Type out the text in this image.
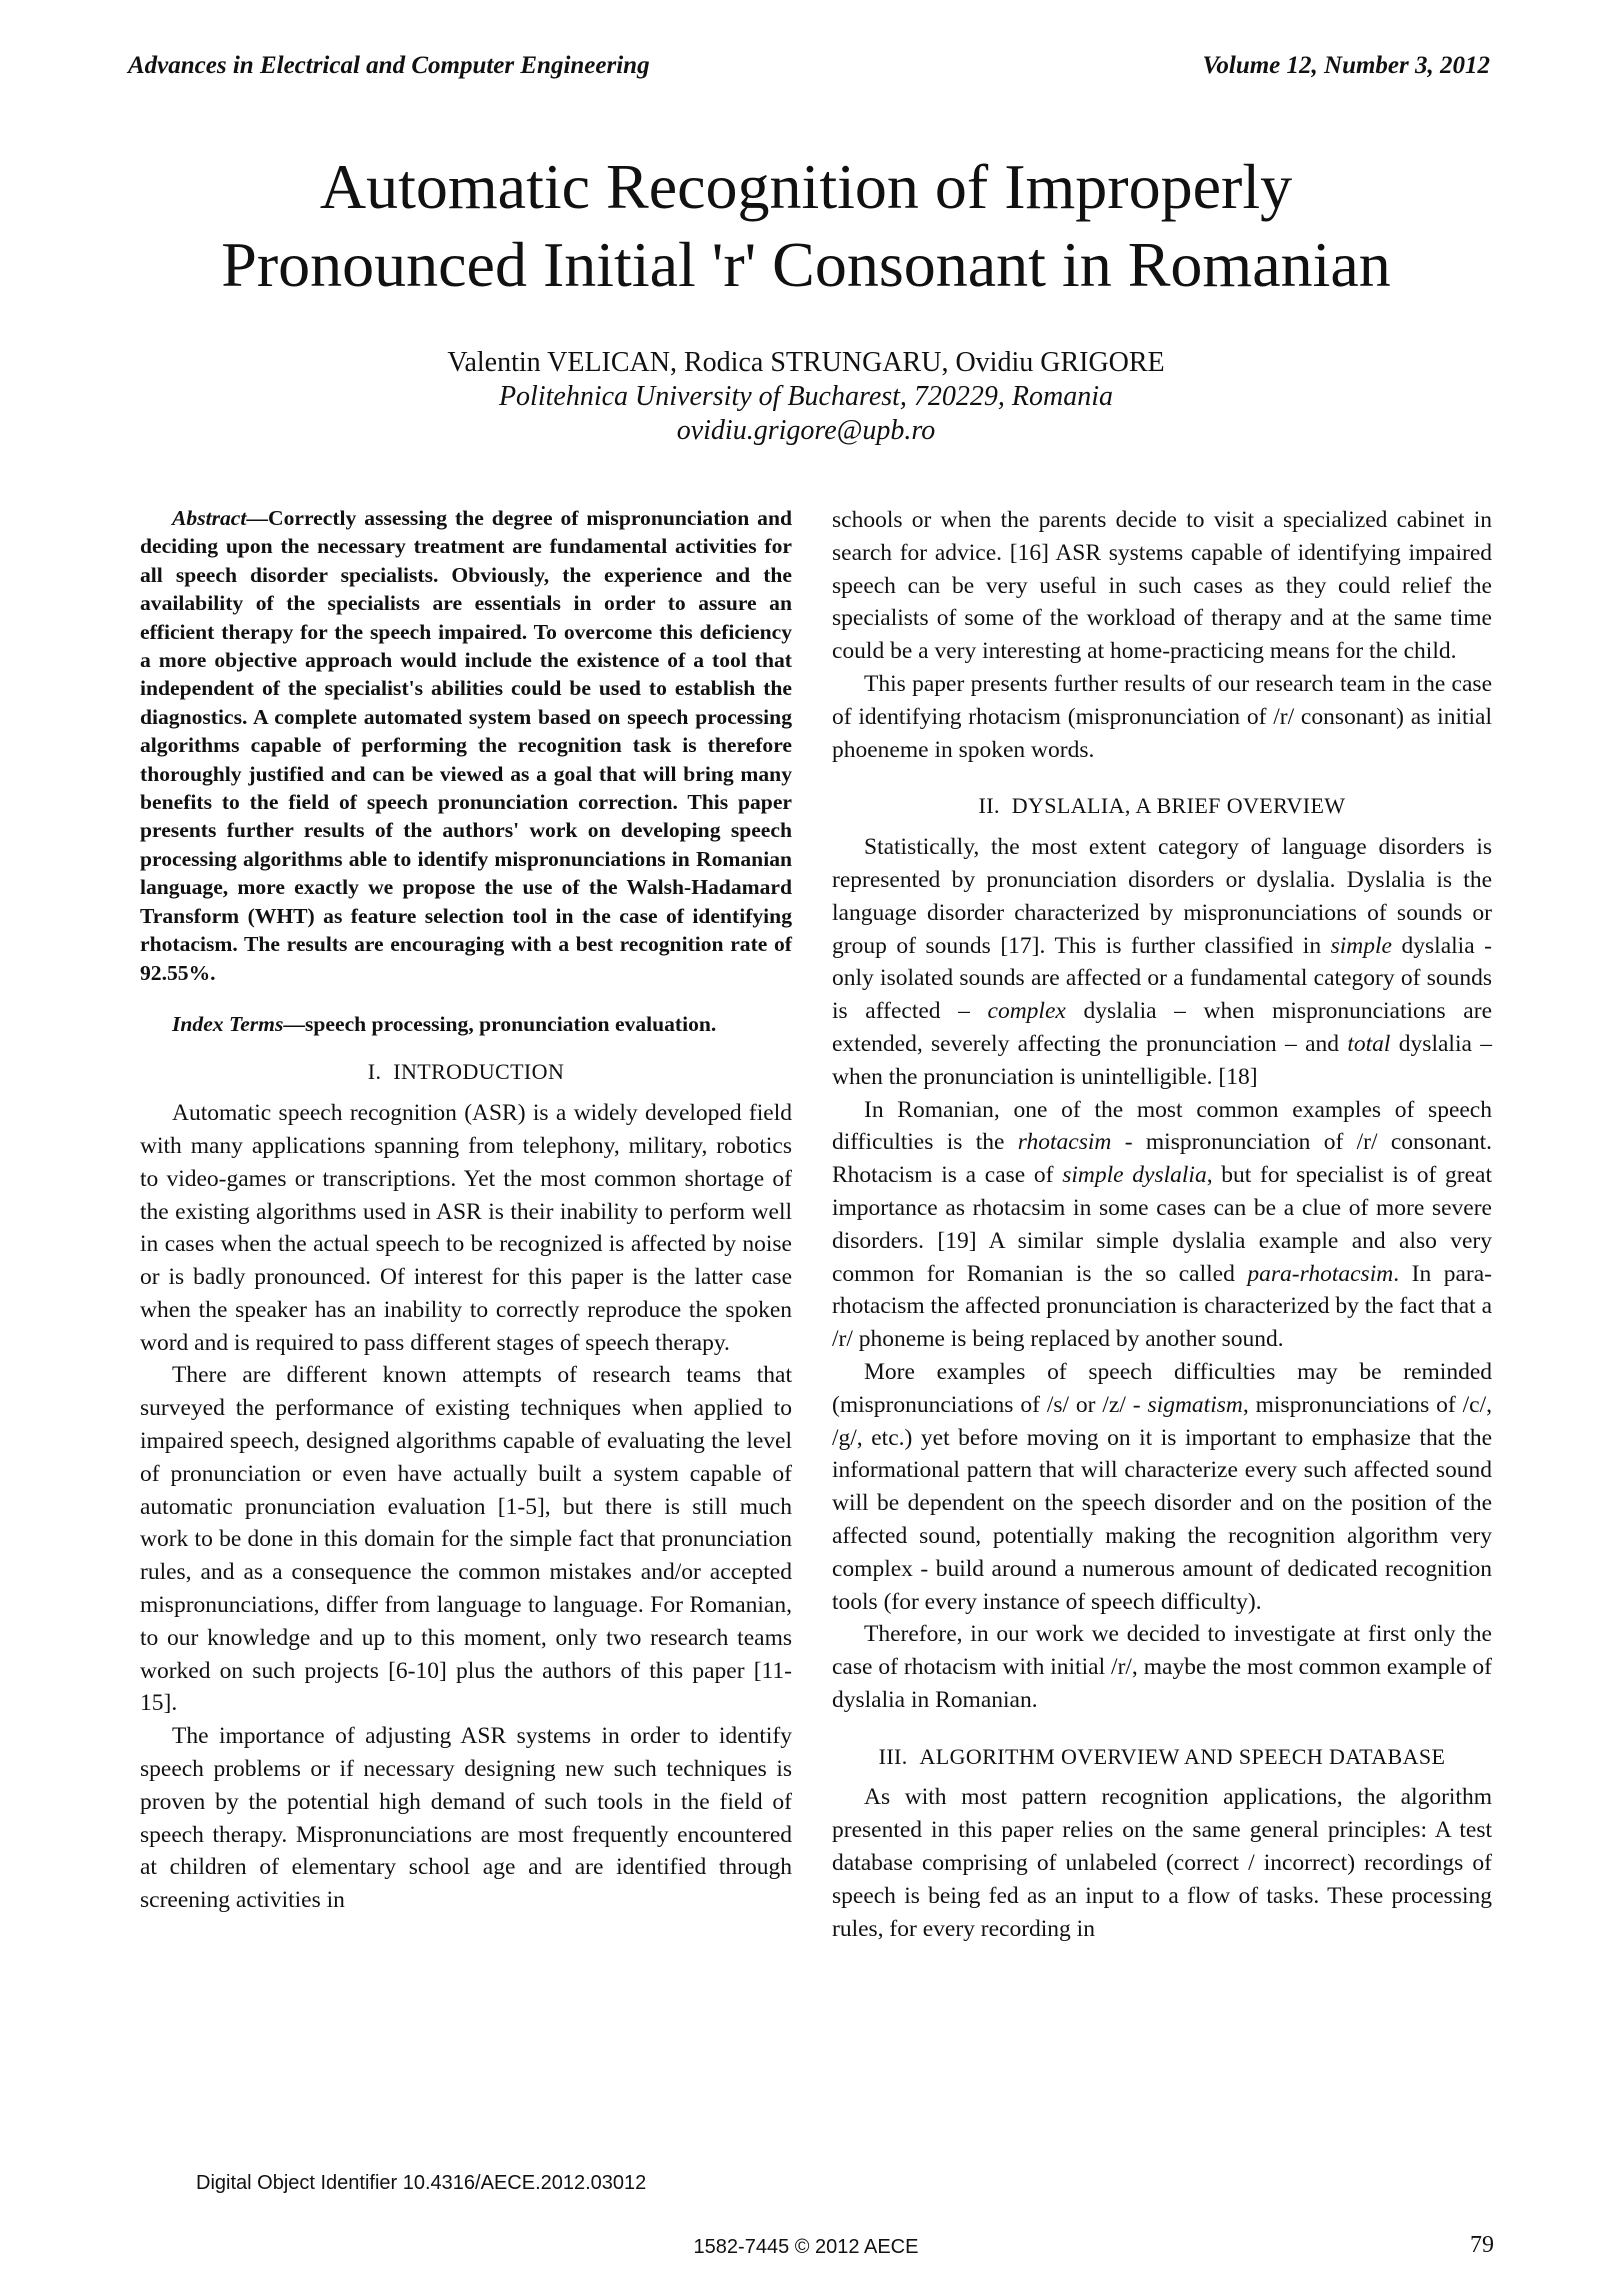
Advances in Electrical and Computer Engineering	Volume 12, Number 3, 2012
Automatic Recognition of Improperly
Pronounced Initial 'r' Consonant in Romanian
Valentin VELICAN, Rodica STRUNGARU, Ovidiu GRIGORE
Politehnica University of Bucharest, 720229, Romania
ovidiu.grigore@upb.ro

Abstract—Correctly assessing the degree of mispronunciation and deciding upon the necessary treatment are fundamental activities for all speech disorder specialists. Obviously, the experience and the availability of the specialists are essentials in order to assure an efficient therapy for the speech impaired. To overcome this deficiency a more objective approach would include the existence of a tool that independent of the specialist's abilities could be used to establish the diagnostics. A complete automated system based on speech processing algorithms capable of performing the recognition task is therefore thoroughly justified and can be viewed as a goal that will bring many benefits to the field of speech pronunciation correction. This paper presents further results of the authors' work on developing speech processing algorithms able to identify mispronunciations in Romanian language, more exactly we propose the use of the Walsh-Hadamard Transform (WHT) as feature selection tool in the case of identifying rhotacism. The results are encouraging with a best recognition rate of 92.55%.

Index Terms—speech processing, pronunciation evaluation.

I. INTRODUCTION

Automatic speech recognition (ASR) is a widely developed field with many applications spanning from telephony, military, robotics to video-games or transcriptions. Yet the most common shortage of the existing algorithms used in ASR is their inability to perform well in cases when the actual speech to be recognized is affected by noise or is badly pronounced. Of interest for this paper is the latter case when the speaker has an inability to correctly reproduce the spoken word and is required to pass different stages of speech therapy.

There are different known attempts of research teams that surveyed the performance of existing techniques when applied to impaired speech, designed algorithms capable of evaluating the level of pronunciation or even have actually built a system capable of automatic pronunciation evaluation [1-5], but there is still much work to be done in this domain for the simple fact that pronunciation rules, and as a consequence the common mistakes and/or accepted mispronunciations, differ from language to language. For Romanian, to our knowledge and up to this moment, only two research teams worked on such projects [6-10] plus the authors of this paper [11-15].

The importance of adjusting ASR systems in order to identify speech problems or if necessary designing new such techniques is proven by the potential high demand of such tools in the field of speech therapy. Mispronunciations are most frequently encountered at children of elementary school age and are identified through screening activities in

schools or when the parents decide to visit a specialized cabinet in search for advice. [16] ASR systems capable of identifying impaired speech can be very useful in such cases as they could relief the specialists of some of the workload of therapy and at the same time could be a very interesting at home-practicing means for the child.

This paper presents further results of our research team in the case of identifying rhotacism (mispronunciation of /r/ consonant) as initial phoeneme in spoken words.

II. DYSLALIA, A BRIEF OVERVIEW

Statistically, the most extent category of language disorders is represented by pronunciation disorders or dyslalia. Dyslalia is the language disorder characterized by mispronunciations of sounds or group of sounds [17]. This is further classified in simple dyslalia - only isolated sounds are affected or a fundamental category of sounds is affected – complex dyslalia – when mispronunciations are extended, severely affecting the pronunciation – and total dyslalia – when the pronunciation is unintelligible. [18]

In Romanian, one of the most common examples of speech difficulties is the rhotacsim - mispronunciation of /r/ consonant. Rhotacism is a case of simple dyslalia, but for specialist is of great importance as rhotacsim in some cases can be a clue of more severe disorders. [19] A similar simple dyslalia example and also very common for Romanian is the so called para-rhotacsim. In para-rhotacism the affected pronunciation is characterized by the fact that a /r/ phoneme is being replaced by another sound.

More examples of speech difficulties may be reminded (mispronunciations of /s/ or /z/ - sigmatism, mispronunciations of /c/, /g/, etc.) yet before moving on it is important to emphasize that the informational pattern that will characterize every such affected sound will be dependent on the speech disorder and on the position of the affected sound, potentially making the recognition algorithm very complex - build around a numerous amount of dedicated recognition tools (for every instance of speech difficulty).

Therefore, in our work we decided to investigate at first only the case of rhotacism with initial /r/, maybe the most common example of dyslalia in Romanian.

III. ALGORITHM OVERVIEW AND SPEECH DATABASE

As with most pattern recognition applications, the algorithm presented in this paper relies on the same general principles: A test database comprising of unlabeled (correct / incorrect) recordings of speech is being fed as an input to a flow of tasks. These processing rules, for every recording in

Digital Object Identifier 10.4316/AECE.2012.03012
79
1582-7445 © 2012 AECE
